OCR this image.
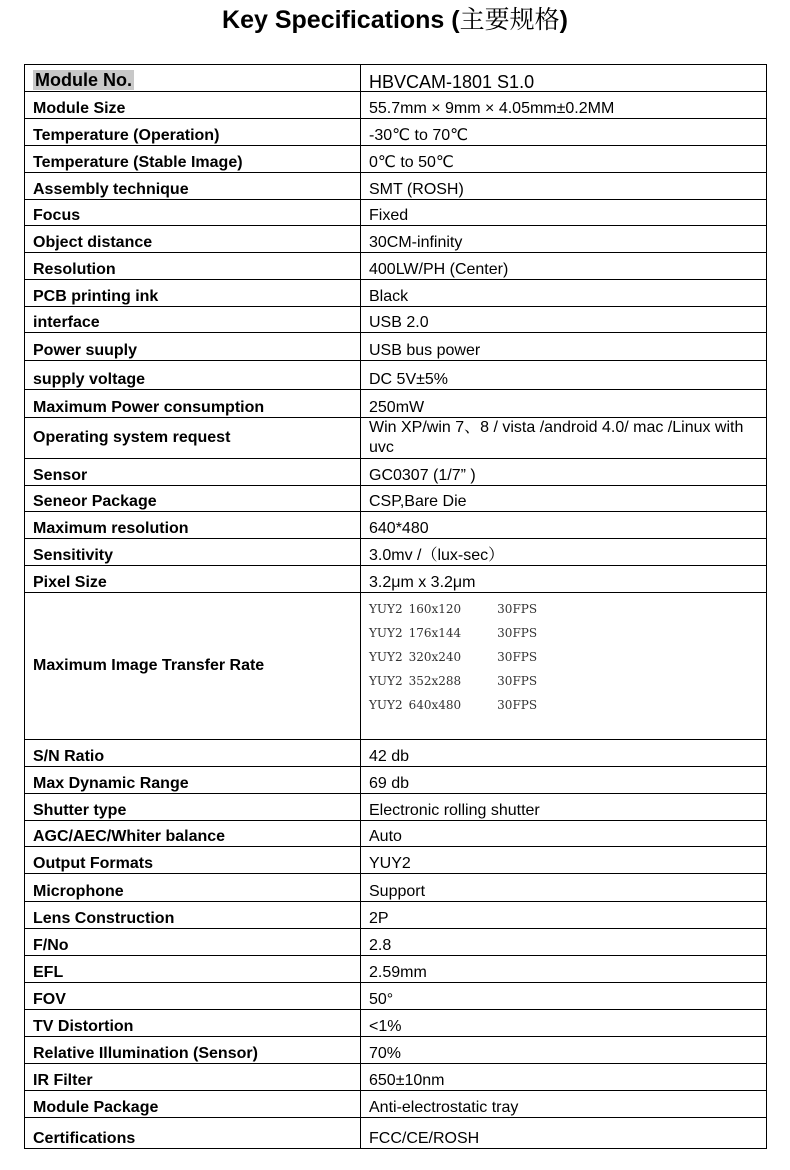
Key Specifications (主要规格)
Module No.	HBVCAM-1801 S1.0
Module Size	55.7mm × 9mm × 4.05mm±0.2MM
Temperature (Operation)	-30℃ to 70℃
Temperature (Stable Image)	0℃ to 50℃
Assembly technique	SMT (ROSH)
Focus	Fixed
Object distance	30CM-infinity
Resolution	400LW/PH (Center)
PCB printing ink	Black
interface	USB 2.0
Power suuply	USB bus power
supply voltage	DC 5V±5%
Maximum Power consumption	250mW
Operating system request	Win XP/win 7、8 / vista /android 4.0/ mac /Linux with uvc
Sensor	GC0307 (1/7” )
Seneor Package	CSP,Bare Die
Maximum resolution	640*480
Sensitivity	3.0mv /（lux-sec）
Pixel Size	3.2μm x 3.2μm
Maximum Image Transfer Rate	YUY2 160x120 30FPS
YUY2 176x144 30FPS
YUY2 320x240 30FPS
YUY2 352x288 30FPS
YUY2 640x480 30FPS

S/N Ratio	42 db
Max Dynamic Range	69 db
Shutter type	Electronic rolling shutter
AGC/AEC/Whiter balance	Auto
Output Formats	YUY2
Microphone	Support
Lens Construction	2P
F/No	2.8
EFL	2.59mm
FOV	50°
TV Distortion	<1%
Relative Illumination (Sensor)	70%
IR Filter	650±10nm
Module Package	Anti-electrostatic tray
Certifications	FCC/CE/ROSH
